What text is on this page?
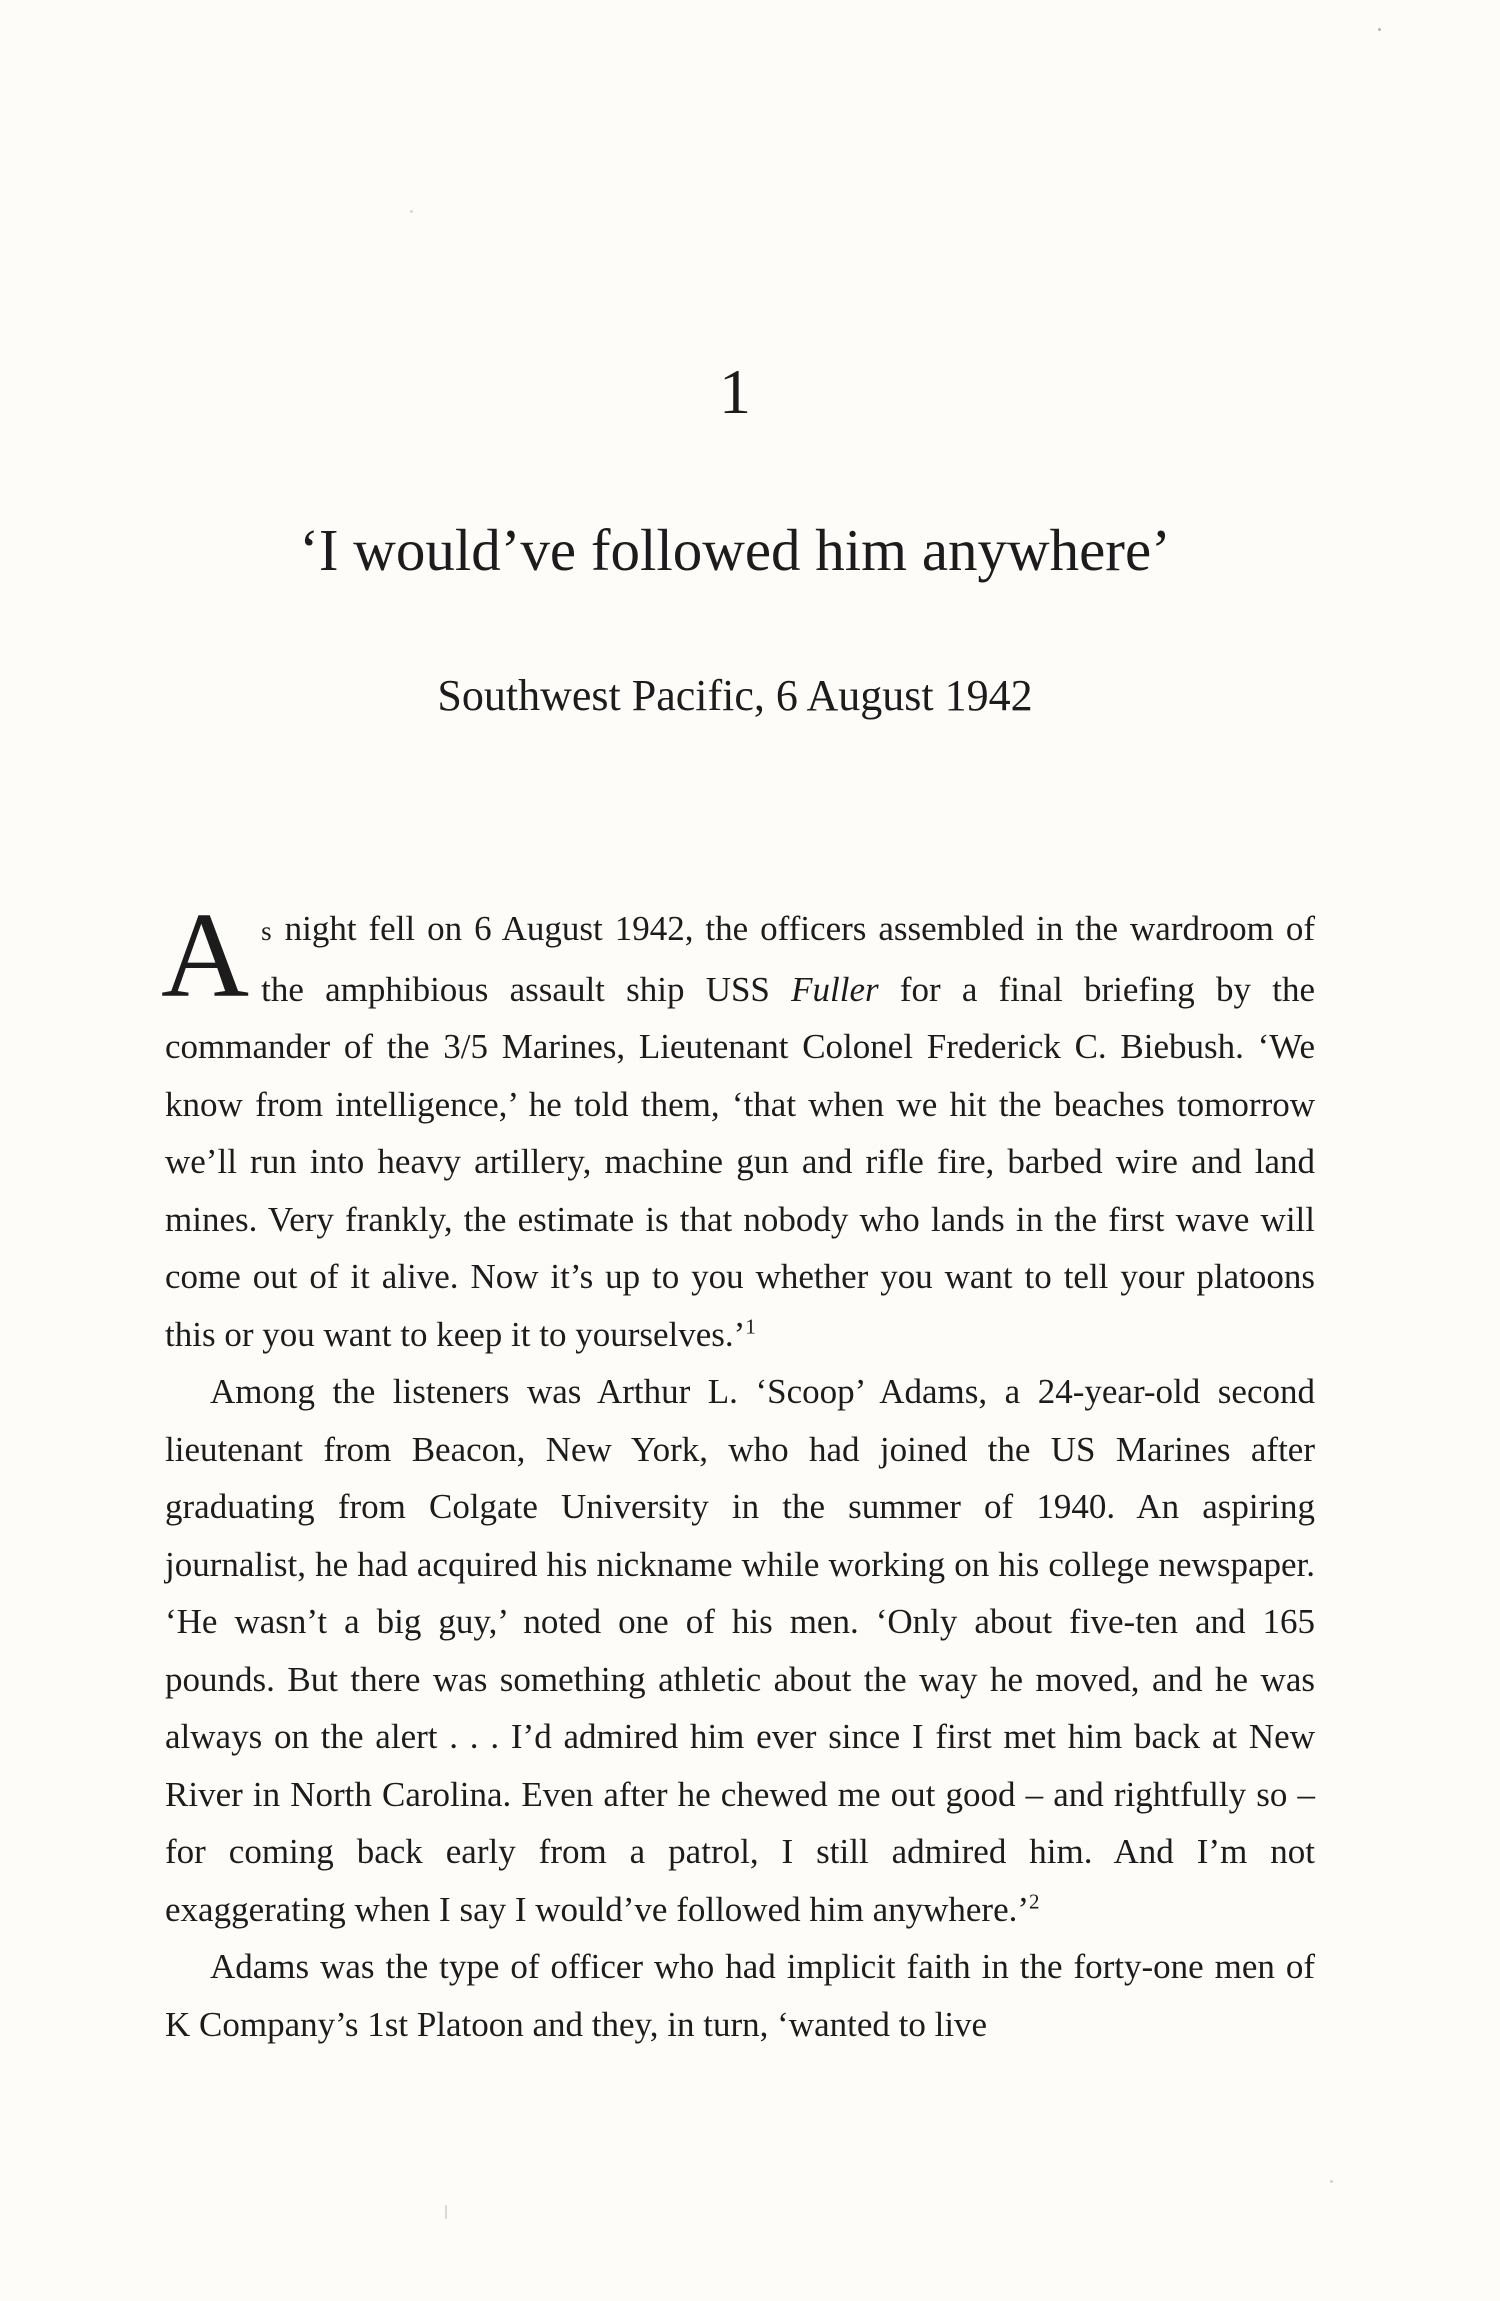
1
‘I would’ve followed him anywhere’
Southwest Pacific, 6 August 1942

As night fell on 6 August 1942, the officers assembled in the wardroom of the amphibious assault ship USS Fuller for a final briefing by the commander of the 3/5 Marines, Lieutenant Colonel Frederick C. Biebush. ‘We know from intelligence,’ he told them, ‘that when we hit the beaches tomorrow we’ll run into heavy artillery, machine gun and rifle fire, barbed wire and land mines. Very frankly, the estimate is that nobody who lands in the first wave will come out of it alive. Now it’s up to you whether you want to tell your platoons this or you want to keep it to yourselves.’$^1$

Among the listeners was Arthur L. ‘Scoop’ Adams, a 24-year-old second lieutenant from Beacon, New York, who had joined the US Marines after graduating from Colgate University in the summer of 1940. An aspiring journalist, he had acquired his nickname while working on his college newspaper. ‘He wasn’t a big guy,’ noted one of his men. ‘Only about five-ten and 165 pounds. But there was something athletic about the way he moved, and he was always on the alert . . . I’d admired him ever since I first met him back at New River in North Carolina. Even after he chewed me out good – and rightfully so – for coming back early from a patrol, I still admired him. And I’m not exaggerating when I say I would’ve followed him anywhere.’$^2$

Adams was the type of officer who had implicit faith in the forty-one men of K Company’s 1st Platoon and they, in turn, ‘wanted to live
